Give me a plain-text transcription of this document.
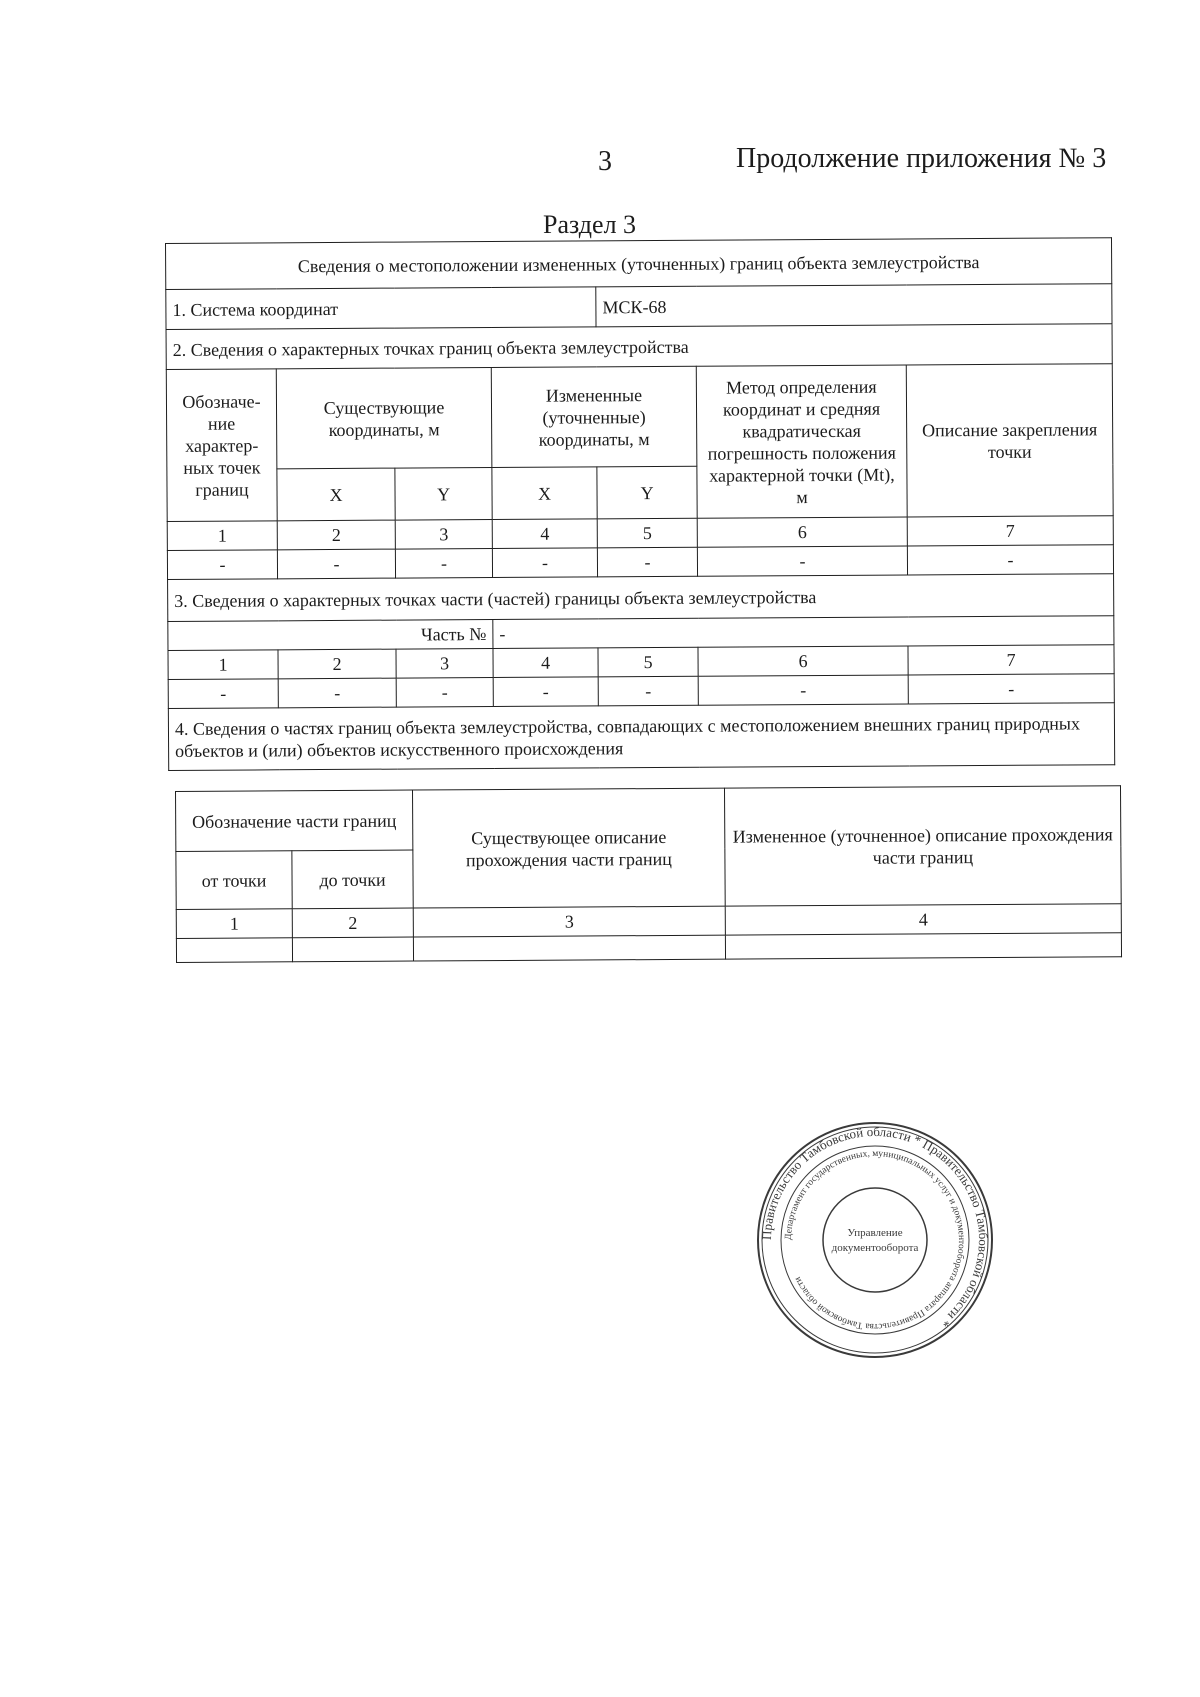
3	Продолжение приложения № 3
Раздел 3
Сведения о местоположении измененных (уточненных) границ объекта землеустройства						
1. Система координат				МСК-68		
2. Сведения о характерных точках границ объекта землеустройства						
Обозначе-ние характер-ных точек границ	Существующие координаты, м		Измененные (уточненные) координаты, м		Метод определения координат и средняя квадратическая погрешность положения характерной точки (Mt), м	Описание закрепления точки
	X	Y	X	Y		
1	2	3	4	5	6	7
-	-	-	-	-	-	-
3. Сведения о характерных точках части (частей) границы объекта землеустройства						
Часть №			-			
1	2	3	4	5	6	7
-	-	-	-	-	-	-
4. Сведения о частях границ объекта землеустройства, совпадающих с местоположением внешних границ природных объектов и (или) объектов искусственного происхождения						
Обозначение части границ		Существующее описание прохождения части границ	Измененное (уточненное) описание прохождения части границ
от точки	до точки		
1	2	3	4

Правительство Тамбовской области * Правительство Тамбовской области *
Департамент государственных, муниципальных услуг и документооборота аппарата Правительства Тамбовской области
Управление
документооборота
